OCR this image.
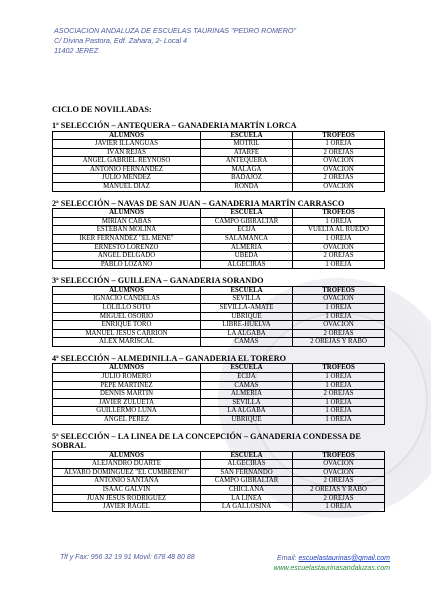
ASOCIACION ANDALUZA DE ESCUELAS TAURINAS "PEDRO ROMERO"
C/ Divina Pastora, Edf. Zahara, 2- Local 4
11402 JEREZ
CICLO DE NOVILLADAS:
1ª SELECCIÓN – ANTEQUERA – GANADERIA MARTÍN LORCA
ALUMNOS	ESCUELA	TROFEOS
JAVIER ILLANGUAS	MOTRIL	1 OREJA
IVÁN REJAS	ATARFE	2 OREJAS
ANGEL GABRIEL REYNOSO	ANTEQUERA	OVACIÓN
ANTONIO FERNANDEZ	MALAGA	OVACIÓN
JULIO MÉNDEZ	BADAJOZ	2 OREJAS
MANUEL DIAZ	RONDA	OVACIÓN
2ª SELECCIÓN – NAVAS DE SAN JUAN – GANADERIA MARTÍN CARRASCO
ALUMNOS	ESCUELA	TROFEOS
MIRIAN CABAS	CAMPO GIBRALTAR	1 OREJA
ESTEBAN MOLINA	ECIJA	VUELTA AL RUEDO
IKER FERNANDEZ "EL MENE"	SALAMANCA	1 OREJA
ERNESTO LORENZO	ALMERÍA	OVACIÓN
ÁNGEL DELGADO	UBEDA	2 OREJAS
PABLO LOZANO	ALGECIRAS	1 OREJA
3ª SELECCIÓN – GUILLENA – GANADERIA SORANDO
ALUMNOS	ESCUELA	TROFEOS
IGNACIO CANDELAS	SEVILLA	OVACIÓN
LOLILLO SOTO	SEVILLA-AMATE	1 OREJA
MIGUEL OSORIO	UBRIQUE	1 OREJA
ENRIQUE TORO	LIBRE-HUELVA	OVACIÓN
MANUEL JESUS CARRIÓN	LA ALGABA	2 OREJAS
ALEX MARISCAL	CAMAS	2 OREJAS Y RABO
4ª SELECCIÓN – ALMEDINILLA – GANADERIA EL TORERO
ALUMNOS	ESCUELA	TROFEOS
JULIO ROMERO	ECIJA	1 OREJA
PEPE MARTINEZ	CAMAS	1 OREJA
DENNIS MARTIN	ALMERÍA	2 OREJAS
JAVIER ZULUETA	SEVILLA	1 OREJA
GUILLERMO LUNA	LA ALGABA	1 OREJA
ÁNGEL PÉREZ	UBRIQUE	1 OREJA
5ª SELECCIÓN – LA LINEA DE LA CONCEPCIÓN – GANADERIA CONDESSA DE SOBRAL
ALUMNOS	ESCUELA	TROFEOS
ALEJANDRO DUARTE	ALGECIRAS	OVACIÓN
ÁLVARO DOMÍNGUEZ "EL CUMBREÑO"	SAN FERNANDO	OVACIÓN
ANTONIO SANTANA	CAMPO GIBRALTAR	2 OREJAS
ISAAC GALVÍN	CHICLANA	2 OREJAS Y RABO
JUAN JESUS RODRIGUEZ	LA LINEA	2 OREJAS
JAVIER RAGEL	LA GALLOSINA	1 OREJA
Tlf y Fax: 956 32 19 91 Movil: 678 48 80 88	Email: escuelastaurinas@gmail.com
www.escuelastaurinasandaluzas.com
